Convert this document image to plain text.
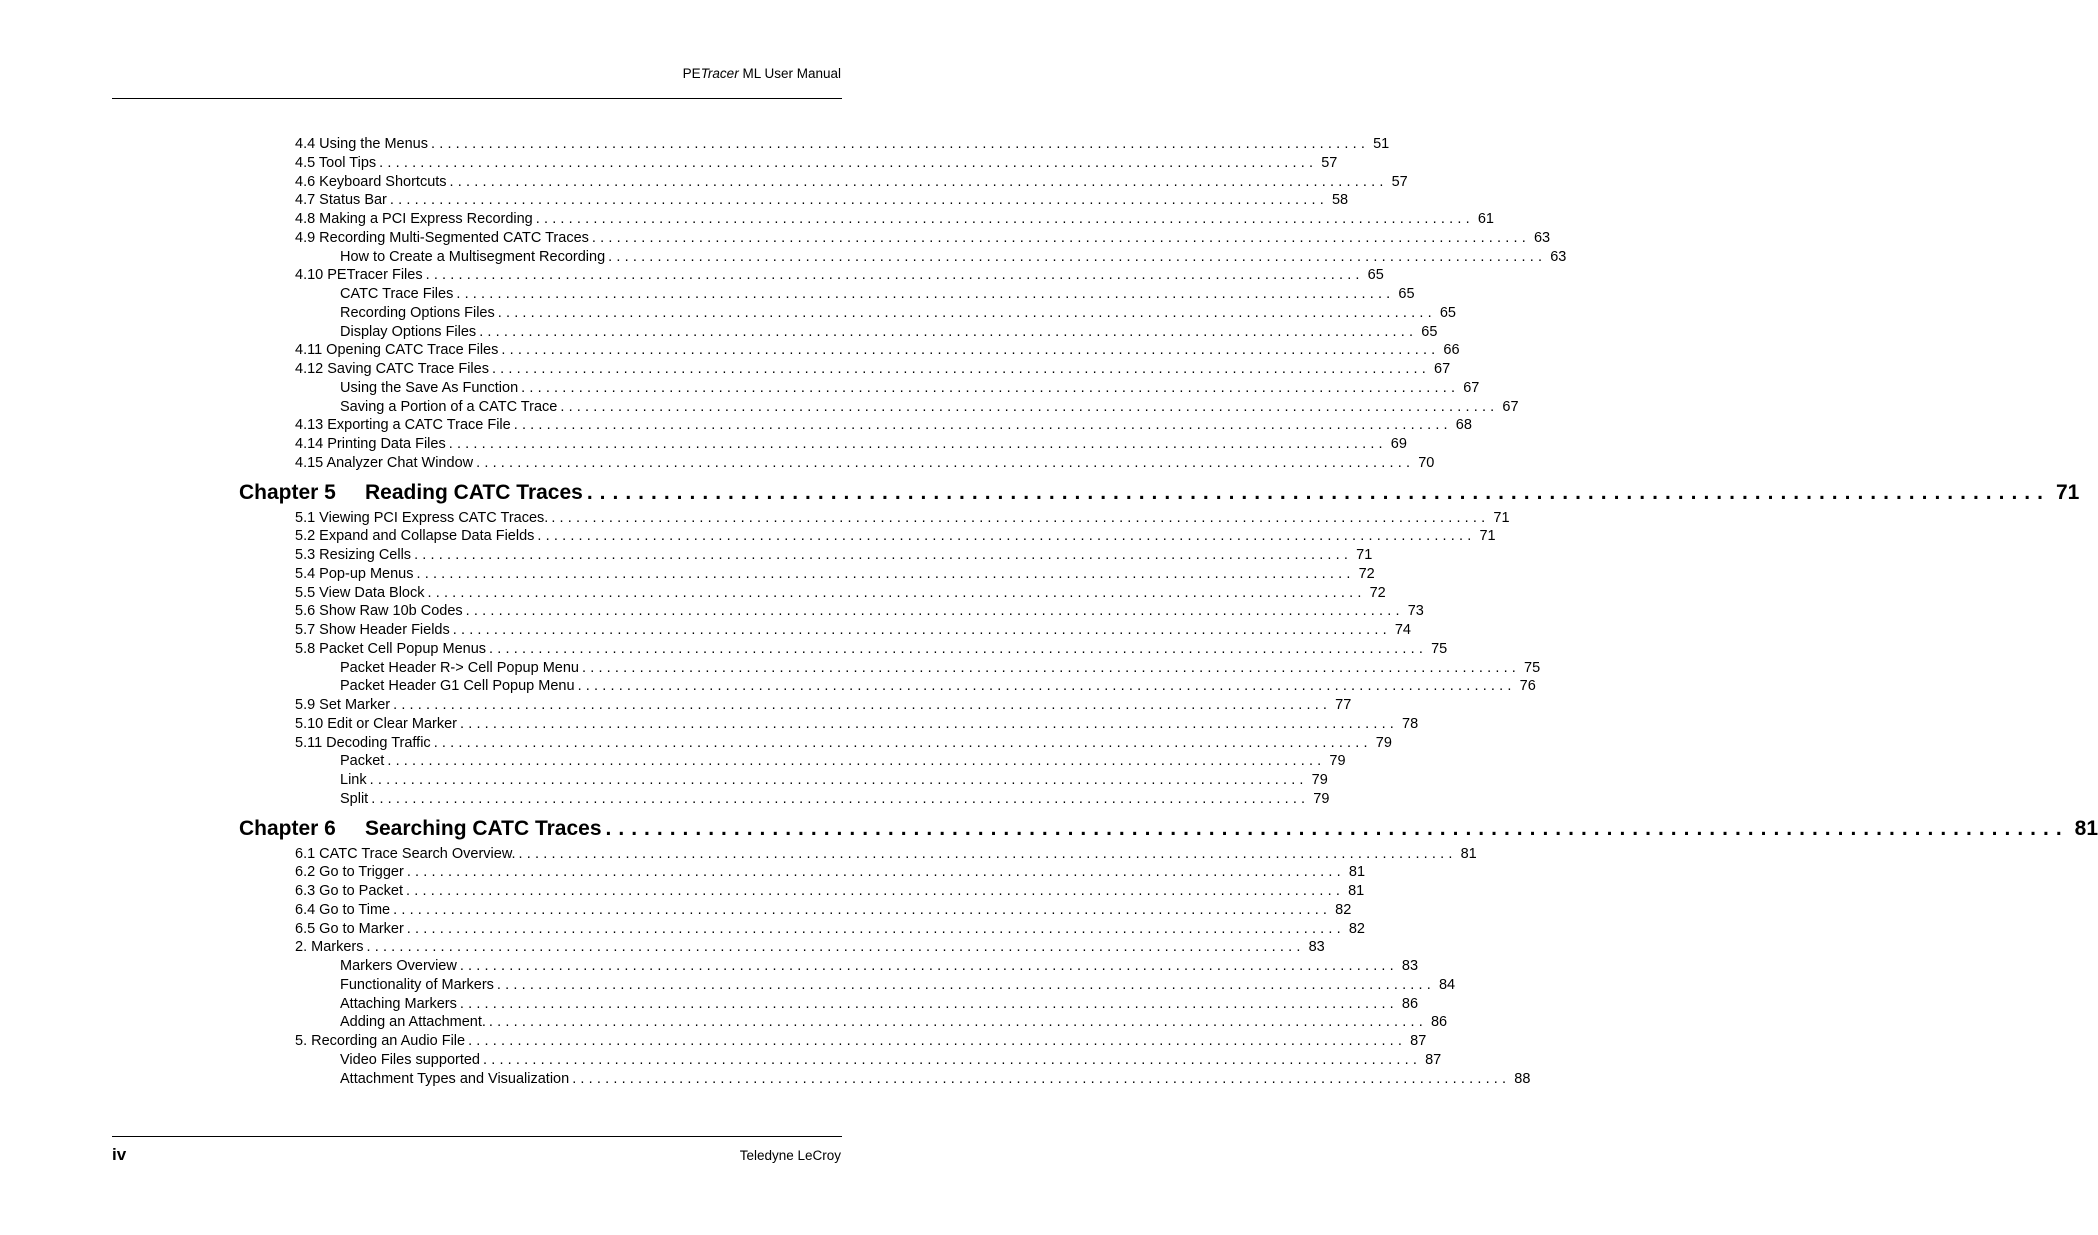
PETracer ML User Manual
4.4 Using the Menus .................................................................................................................. 51
4.5 Tool Tips .................................................................................................................. 57
4.6 Keyboard Shortcuts .................................................................................................................. 57
4.7 Status Bar .................................................................................................................. 58
4.8 Making a PCI Express Recording .................................................................................................................. 61
4.9 Recording Multi-Segmented CATC Traces .................................................................................................................. 63
How to Create a Multisegment Recording .................................................................................................................. 63
4.10 PETracer Files .................................................................................................................. 65
CATC Trace Files .................................................................................................................. 65
Recording Options Files .................................................................................................................. 65
Display Options Files .................................................................................................................. 65
4.11 Opening CATC Trace Files .................................................................................................................. 66
4.12 Saving CATC Trace Files .................................................................................................................. 67
Using the Save As Function .................................................................................................................. 67
Saving a Portion of a CATC Trace .................................................................................................................. 67
4.13 Exporting a CATC Trace File .................................................................................................................. 68
4.14 Printing Data Files .................................................................................................................. 69
4.15 Analyzer Chat Window .................................................................................................................. 70
Chapter 5	Reading CATC Traces .................................................................................................................. 71
5.1 Viewing PCI Express CATC Traces. .................................................................................................................. 71
5.2 Expand and Collapse Data Fields .................................................................................................................. 71
5.3 Resizing Cells .................................................................................................................. 71
5.4 Pop-up Menus .................................................................................................................. 72
5.5 View Data Block .................................................................................................................. 72
5.6 Show Raw 10b Codes .................................................................................................................. 73
5.7 Show Header Fields .................................................................................................................. 74
5.8 Packet Cell Popup Menus .................................................................................................................. 75
Packet Header R-> Cell Popup Menu .................................................................................................................. 75
Packet Header G1 Cell Popup Menu .................................................................................................................. 76
5.9 Set Marker .................................................................................................................. 77
5.10 Edit or Clear Marker .................................................................................................................. 78
5.11 Decoding Traffic .................................................................................................................. 79
Packet .................................................................................................................. 79
Link .................................................................................................................. 79
Split .................................................................................................................. 79
Chapter 6	Searching CATC Traces .................................................................................................................. 81
6.1 CATC Trace Search Overview. .................................................................................................................. 81
6.2 Go to Trigger .................................................................................................................. 81
6.3 Go to Packet .................................................................................................................. 81
6.4 Go to Time .................................................................................................................. 82
6.5 Go to Marker .................................................................................................................. 82
2. Markers .................................................................................................................. 83
Markers Overview .................................................................................................................. 83
Functionality of Markers .................................................................................................................. 84
Attaching Markers .................................................................................................................. 86
Adding an Attachment. .................................................................................................................. 86
5. Recording an Audio File .................................................................................................................. 87
Video Files supported .................................................................................................................. 87
Attachment Types and Visualization .................................................................................................................. 88
iv	Teledyne LeCroy
